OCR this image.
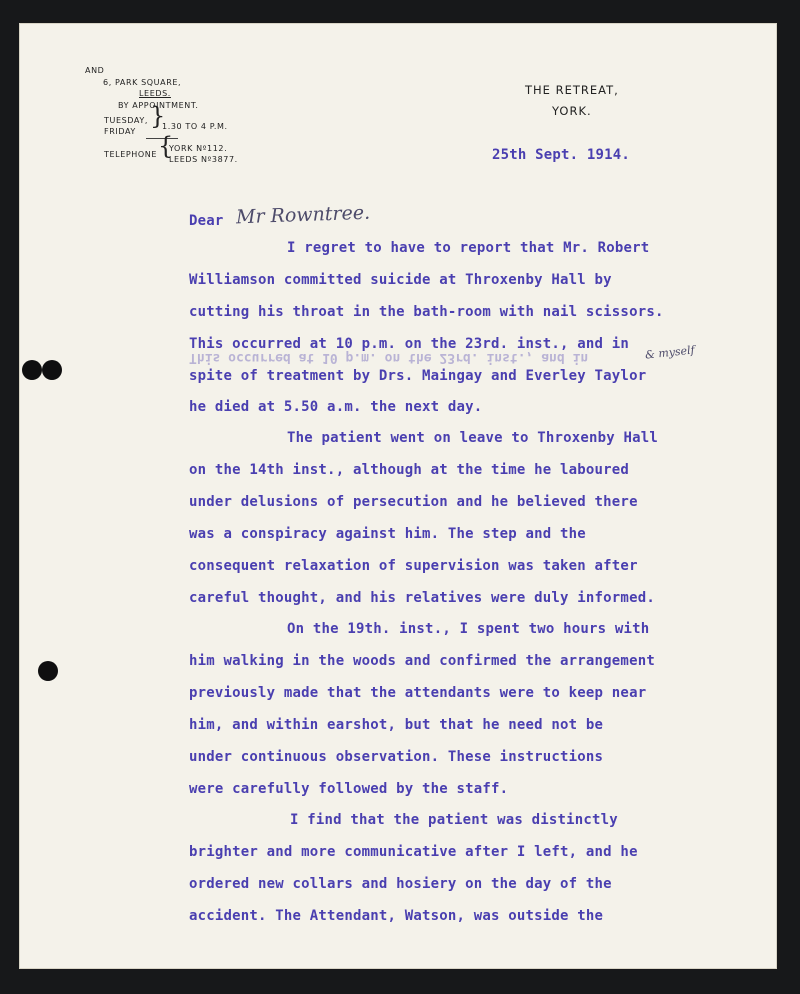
AND
6, PARK SQUARE,
LEEDS.
BY APPOINTMENT.
TUESDAY,
FRIDAY
}
1.30 TO 4 P.M.
TELEPHONE {
YORK Nº112.
LEEDS Nº3877.
THE RETREAT,
YORK.
25th Sept. 1914.
Dear Mr Rowntree.
This occurred at 10 p.m. on the 23rd. inst., and in	& myself
I regret to have to report that Mr. Robert
Williamson committed suicide at Throxenby Hall by
cutting his throat in the bath-room with nail scissors.
This occurred at 10 p.m. on the 23rd. inst., and in
spite of treatment by Drs. Maingay and Everley Taylor
he died at 5.50 a.m. the next day.
The patient went on leave to Throxenby Hall
on the 14th inst., although at the time he laboured
under delusions of persecution and he believed there
was a conspiracy against him. The step and the
consequent relaxation of supervision was taken after
careful thought, and his relatives were duly informed.
On the 19th. inst., I spent two hours with
him walking in the woods and confirmed the arrangement
previously made that the attendants were to keep near
him, and within earshot, but that he need not be
under continuous observation. These instructions
were carefully followed by the staff.
I find that the patient was distinctly
brighter and more communicative after I left, and he
ordered new collars and hosiery on the day of the
accident. The Attendant, Watson, was outside the
